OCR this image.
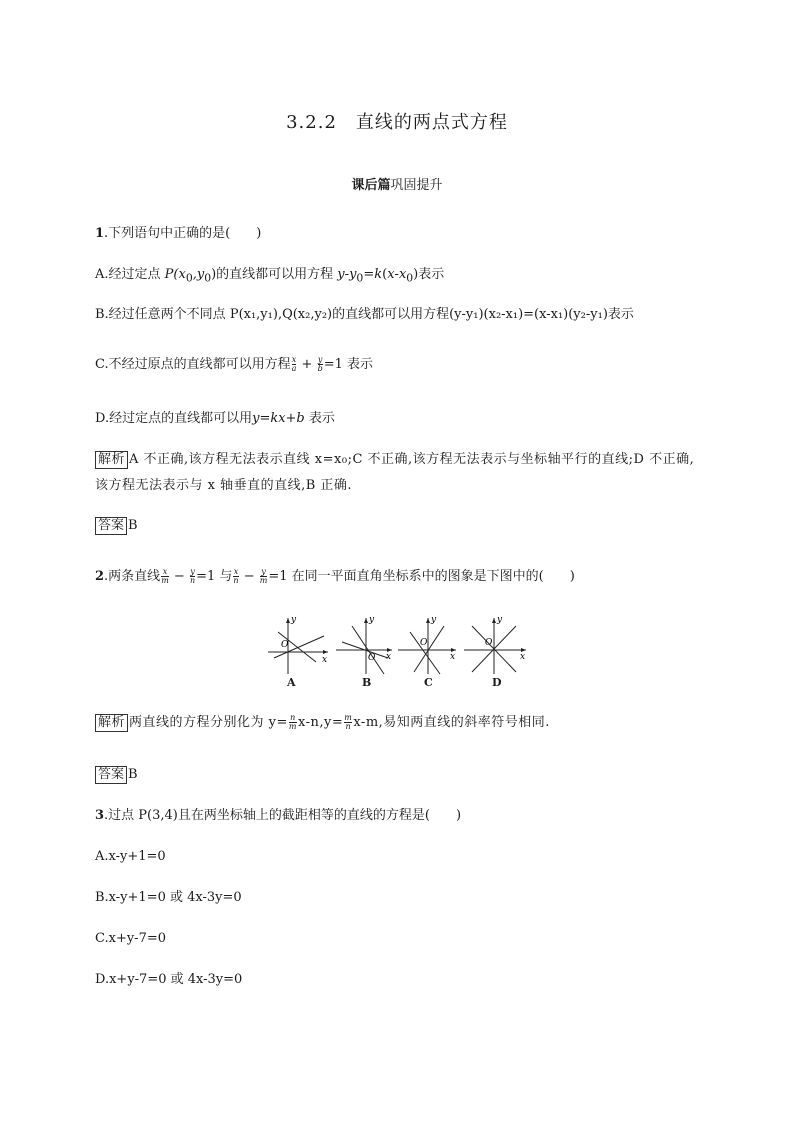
3.2.2　直线的两点式方程
课后篇巩固提升
1.下列语句中正确的是(　　)
A.经过定点 $P(x_0,y_0)$的直线都可以用方程 $y-y_0=k(x-x_0)$表示
B.经过任意两个不同点 P(x₁,y₁),Q(x₂,y₂)的直线都可以用方程(y-y₁)(x₂-x₁)=(x-x₁)(y₂-y₁)表示
C.不经过原点的直线都可以用方程 $\frac{x}{a} + \frac{y}{b} =1$ 表示
D.经过定点的直线都可以用y=kx+b 表示
解析 A 不正确,该方程无法表示直线 x=x₀;C 不正确,该方程无法表示与坐标轴平行的直线;D 不正确,
该方程无法表示与 x 轴垂直的直线,B 正确.
答案 B
2.两条直线 $\frac{x}{m} - \frac{y}{n} =1$ 与 $\frac{x}{n} - \frac{y}{m} =1$ 在同一平面直角坐标系中的图象是下图中的(　　)
y
x
O
y
x
O
y
x
O
y
x
O
A	B	C	D
解析 两直线的方程分别化为 $y= \frac{n}{m} x-n,y= \frac{m}{n} x-m$,易知两直线的斜率符号相同.
答案 B
3.过点 P(3,4)且在两坐标轴上的截距相等的直线的方程是(　　)
A.x-y+1=0
B.x-y+1=0 或 4x-3y=0
C.x+y-7=0
D.x+y-7=0 或 4x-3y=0
